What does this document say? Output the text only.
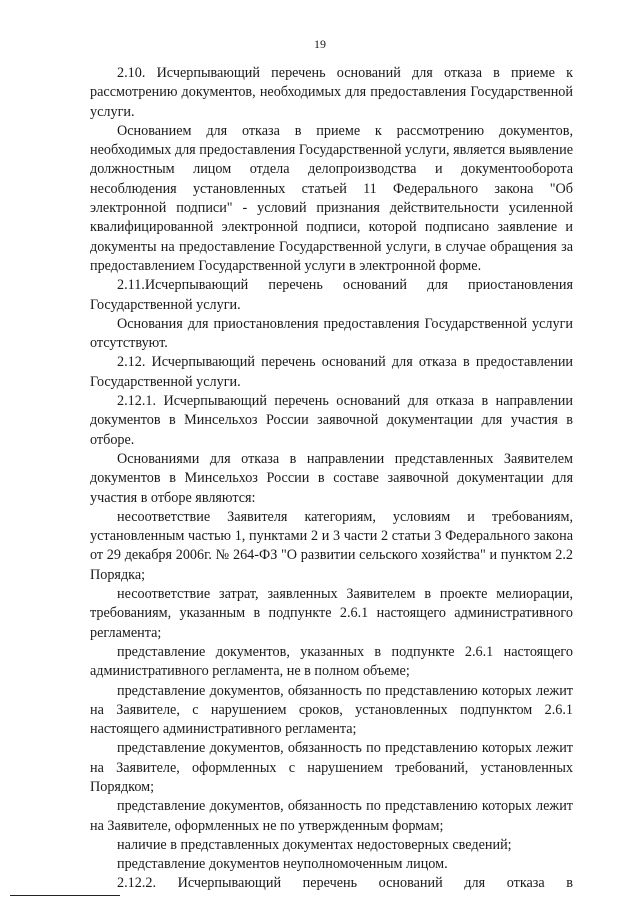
19

2.10. Исчерпывающий перечень оснований для отказа в приеме к рассмотрению документов, необходимых для предоставления Государственной услуги.

Основанием для отказа в приеме к рассмотрению документов, необходимых для предоставления Государственной услуги, является выявление должностным лицом отдела делопроизводства и документооборота несоблюдения установленных статьей 11 Федерального закона "Об электронной подписи" - условий признания действительности усиленной квалифицированной электронной подписи, которой подписано заявление и документы на предоставление Государственной услуги, в случае обращения за предоставлением Государственной услуги в электронной форме.

2.11.Исчерпывающий перечень оснований для приостановления Государственной услуги.

Основания для приостановления предоставления Государственной услуги отсутствуют.

2.12. Исчерпывающий перечень оснований для отказа в предоставлении Государственной услуги.

2.12.1. Исчерпывающий перечень оснований для отказа в направлении документов в Минсельхоз России заявочной документации для участия в отборе.

Основаниями для отказа в направлении представленных Заявителем документов в Минсельхоз России в составе заявочной документации для участия в отборе являются:

несоответствие Заявителя категориям, условиям и требованиям, установленным частью 1, пунктами 2 и 3 части 2 статьи 3 Федерального закона от 29 декабря 2006г. № 264-ФЗ "О развитии сельского хозяйства" и пунктом 2.2 Порядка;

несоответствие затрат, заявленных Заявителем в проекте мелиорации, требованиям, указанным в подпункте 2.6.1 настоящего административного регламента;

представление документов, указанных в подпункте 2.6.1 настоящего административного регламента, не в полном объеме;

представление документов, обязанность по представлению которых лежит на Заявителе, с нарушением сроков, установленных подпунктом 2.6.1 настоящего административного регламента;

представление документов, обязанность по представлению которых лежит на Заявителе, оформленных с нарушением требований, установленных Порядком;

представление документов, обязанность по представлению которых лежит на Заявителе, оформленных не по утвержденным формам;

наличие в представленных документах недостоверных сведений;

представление документов неуполномоченным лицом.

2.12.2. Исчерпывающий перечень оснований для отказа в
